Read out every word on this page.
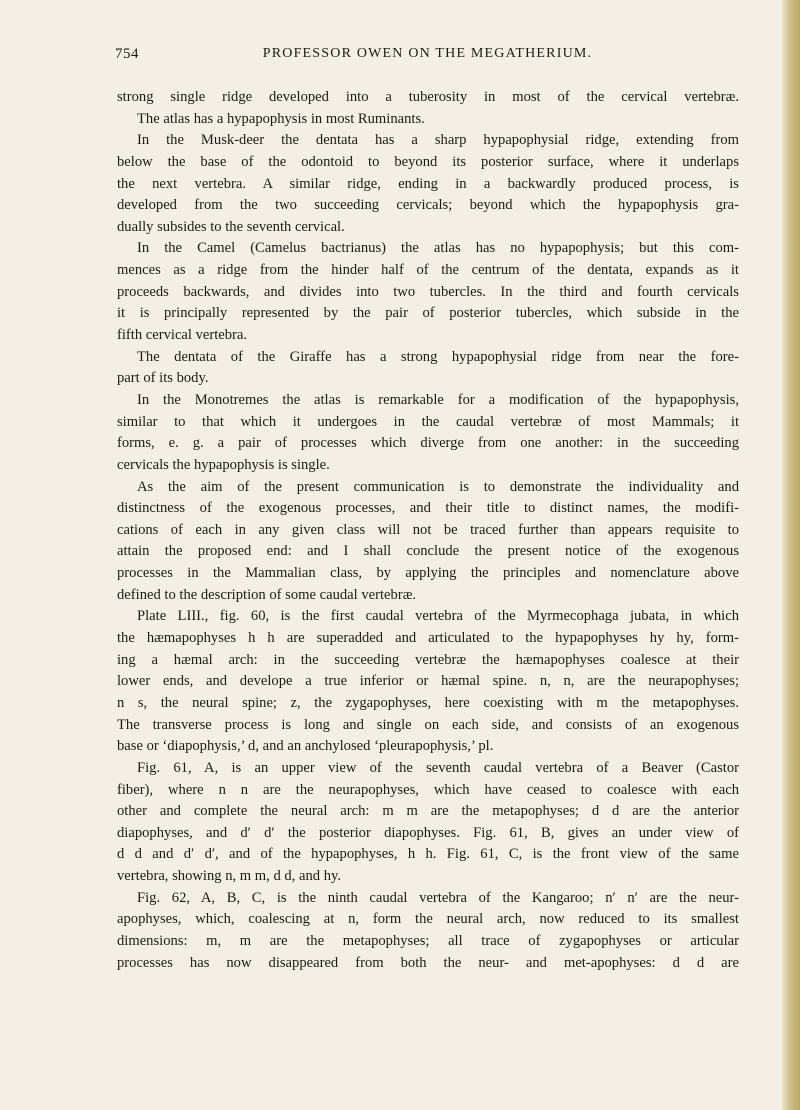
754	PROFESSOR OWEN ON THE MEGATHERIUM.
strong single ridge developed into a tuberosity in most of the cervical vertebræ.
The atlas has a hypapophysis in most Ruminants.
In the Musk-deer the dentata has a sharp hypapophysial ridge, extending from
below the base of the odontoid to beyond its posterior surface, where it underlaps
the next vertebra. A similar ridge, ending in a backwardly produced process, is
developed from the two succeeding cervicals; beyond which the hypapophysis gra-
dually subsides to the seventh cervical.
In the Camel (Camelus bactrianus) the atlas has no hypapophysis; but this com-
mences as a ridge from the hinder half of the centrum of the dentata, expands as it
proceeds backwards, and divides into two tubercles. In the third and fourth cervicals
it is principally represented by the pair of posterior tubercles, which subside in the
fifth cervical vertebra.
The dentata of the Giraffe has a strong hypapophysial ridge from near the fore-
part of its body.
In the Monotremes the atlas is remarkable for a modification of the hypapophysis,
similar to that which it undergoes in the caudal vertebræ of most Mammals; it
forms, e. g. a pair of processes which diverge from one another: in the succeeding
cervicals the hypapophysis is single.
As the aim of the present communication is to demonstrate the individuality and
distinctness of the exogenous processes, and their title to distinct names, the modifi-
cations of each in any given class will not be traced further than appears requisite to
attain the proposed end: and I shall conclude the present notice of the exogenous
processes in the Mammalian class, by applying the principles and nomenclature above
defined to the description of some caudal vertebræ.
Plate LIII., fig. 60, is the first caudal vertebra of the Myrmecophaga jubata, in which
the hæmapophyses h h are superadded and articulated to the hypapophyses hy hy, form-
ing a hæmal arch: in the succeeding vertebræ the hæmapophyses coalesce at their
lower ends, and develope a true inferior or hæmal spine. n, n, are the neurapophyses;
n s, the neural spine; z, the zygapophyses, here coexisting with m the metapophyses.
The transverse process is long and single on each side, and consists of an exogenous
base or ‘diapophysis,’ d, and an anchylosed ‘pleurapophysis,’ pl.
Fig. 61, A, is an upper view of the seventh caudal vertebra of a Beaver (Castor
fiber), where n n are the neurapophyses, which have ceased to coalesce with each
other and complete the neural arch: m m are the metapophyses; d d are the anterior
diapophyses, and d′ d′ the posterior diapophyses. Fig. 61, B, gives an under view of
d d and d′ d′, and of the hypapophyses, h h. Fig. 61, C, is the front view of the same
vertebra, showing n, m m, d d, and hy.
Fig. 62, A, B, C, is the ninth caudal vertebra of the Kangaroo; n′ n′ are the neur-
apophyses, which, coalescing at n, form the neural arch, now reduced to its smallest
dimensions: m, m are the metapophyses; all trace of zygapophyses or articular
processes has now disappeared from both the neur- and met-apophyses: d d are
